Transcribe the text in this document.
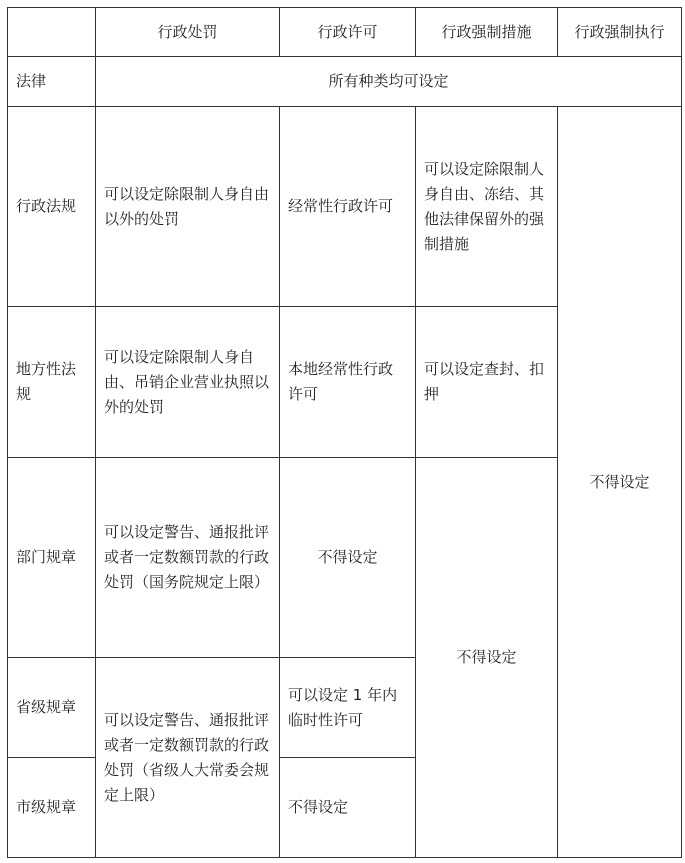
	行政处罚	行政许可	行政强制措施	行政强制执行
法律	所有种类均可设定			
行政法规	可以设定除限制人身自由以外的处罚	经常性行政许可	可以设定除限制人身自由、冻结、其他法律保留外的强制措施	不得设定
地方性法规	可以设定除限制人身自由、吊销企业营业执照以外的处罚	本地经常性行政许可	可以设定查封、扣押	
部门规章	可以设定警告、通报批评或者一定数额罚款的行政处罚（国务院规定上限）	不得设定	不得设定	
省级规章	可以设定警告、通报批评或者一定数额罚款的行政处罚（省级人大常委会规定上限）	可以设定 1 年内临时性许可		
市级规章		不得设定		
